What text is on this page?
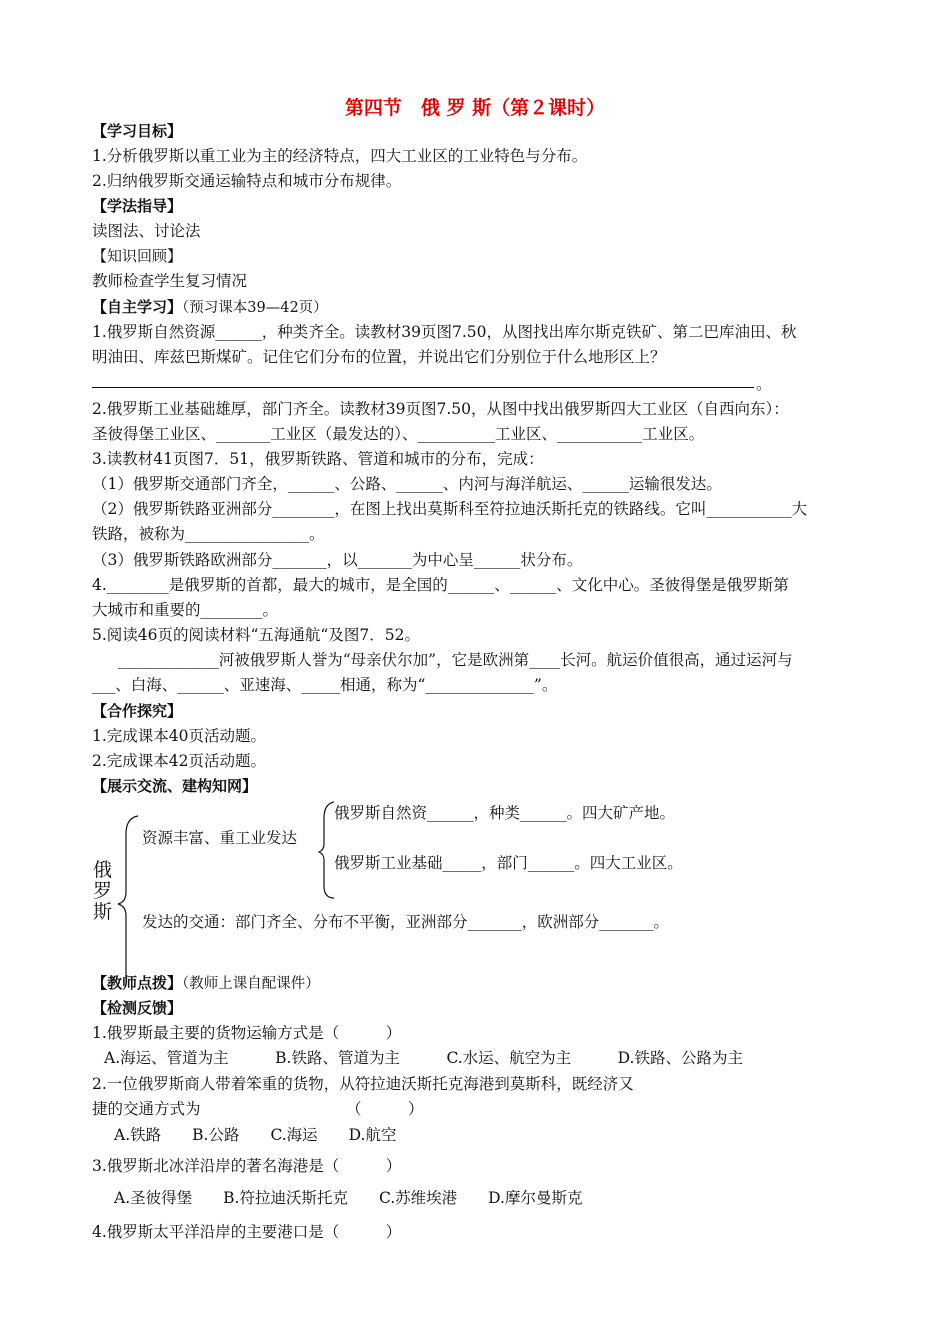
第四节　俄 罗 斯（第２课时）
【学习目标】
1.分析俄罗斯以重工业为主的经济特点，四大工业区的工业特色与分布。
2.归纳俄罗斯交通运输特点和城市分布规律。
【学法指导】
读图法、讨论法
【知识回顾】
教师检查学生复习情况
【自主学习】（预习课本39—42页）
1.俄罗斯自然资源______，种类齐全。读教材39页图7.50，从图找出库尔斯克铁矿、第二巴库油田、秋
明油田、库兹巴斯煤矿。记住它们分布的位置，并说出它们分别位于什么地形区上？
。
2.俄罗斯工业基础雄厚，部门齐全。读教材39页图7.50，从图中找出俄罗斯四大工业区（自西向东）：
圣彼得堡工业区、_______工业区（最发达的）、__________工业区、___________工业区。
3.读教材41页图7．51，俄罗斯铁路、管道和城市的分布，完成：
（1）俄罗斯交通部门齐全，______、公路、______、内河与海洋航运、______运输很发达。
（2）俄罗斯铁路亚洲部分________，在图上找出莫斯科至符拉迪沃斯托克的铁路线。它叫___________大
铁路，被称为________________。
（3）俄罗斯铁路欧洲部分_______，以_______为中心呈______状分布。
4.________是俄罗斯的首都，最大的城市，是全国的______、______、文化中心。圣彼得堡是俄罗斯第
大城市和重要的________。
5.阅读46页的阅读材料“五海通航“及图7．52。
_____________河被俄罗斯人誉为“母亲伏尔加”，它是欧洲第____长河。航运价值很高，通过运河与
___、白海、______、亚速海、_____相通，称为“______________”。
【合作探究】
1.完成课本40页活动题。
2.完成课本42页活动题。
【展示交流、建构知网】
俄
罗
斯
资源丰富、重工业发达
俄罗斯自然资______，种类______。四大矿产地。
俄罗斯工业基础_____，部门______。四大工业区。
发达的交通：部门齐全、分布不平衡，亚洲部分_______，欧洲部分_______。
【教师点拨】（教师上课自配课件）
【检测反馈】
1.俄罗斯最主要的货物运输方式是（　　　）
A.海运、管道为主　　　B.铁路、管道为主　　　C.水运、航空为主　　　D.铁路、公路为主
2.一位俄罗斯商人带着笨重的货物，从符拉迪沃斯托克海港到莫斯科，既经济又
捷的交通方式为	（　　　）
A.铁路　　B.公路　　C.海运　　D.航空
3.俄罗斯北冰洋沿岸的著名海港是（　　　）
A.圣彼得堡　　B.符拉迪沃斯托克　　C.苏维埃港　　D.摩尔曼斯克
4.俄罗斯太平洋沿岸的主要港口是（　　　）
